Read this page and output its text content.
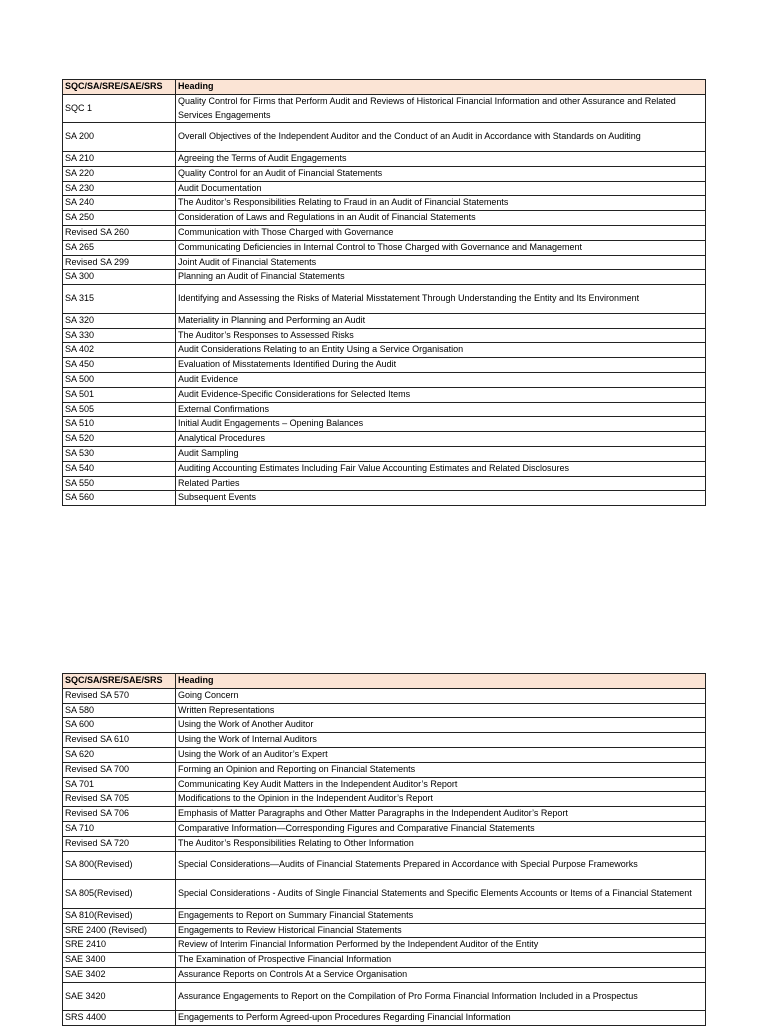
SQC/SA/SRE/SAE/SRS	Heading
SQC 1	Quality Control for Firms that Perform Audit and Reviews of Historical Financial Information and other Assurance and Related Services Engagements
SA 200	Overall Objectives of the Independent Auditor and the Conduct of an Audit in Accordance with Standards on Auditing
SA 210	Agreeing the Terms of Audit Engagements
SA 220	Quality Control for an Audit of Financial Statements
SA 230	Audit Documentation
SA 240	The Auditor’s Responsibilities Relating to Fraud in an Audit of Financial Statements
SA 250	Consideration of Laws and Regulations in an Audit of Financial Statements
Revised SA 260	Communication with Those Charged with Governance
SA 265	Communicating Deficiencies in Internal Control to Those Charged with Governance and Management
Revised SA 299	Joint Audit of Financial Statements
SA 300	Planning an Audit of Financial Statements
SA 315	Identifying and Assessing the Risks of Material Misstatement Through Understanding the Entity and Its Environment
SA 320	Materiality in Planning and Performing an Audit
SA 330	The Auditor’s Responses to Assessed Risks
SA 402	Audit Considerations Relating to an Entity Using a Service Organisation
SA 450	Evaluation of Misstatements Identified During the Audit
SA 500	Audit Evidence
SA 501	Audit Evidence-Specific Considerations for Selected Items
SA 505	External Confirmations
SA 510	Initial Audit Engagements – Opening Balances
SA 520	Analytical Procedures
SA 530	Audit Sampling
SA 540	Auditing Accounting Estimates Including Fair Value Accounting Estimates and Related Disclosures
SA 550	Related Parties
SA 560	Subsequent Events
SQC/SA/SRE/SAE/SRS	Heading
Revised SA 570	Going Concern
SA 580	Written Representations
SA 600	Using the Work of Another Auditor
Revised SA 610	Using the Work of Internal Auditors
SA 620	Using the Work of an Auditor’s Expert
Revised SA 700	Forming an Opinion and Reporting on Financial Statements
SA 701	Communicating Key Audit Matters in the Independent Auditor’s Report
Revised SA 705	Modifications to the Opinion in the Independent Auditor’s Report
Revised SA 706	Emphasis of Matter Paragraphs and Other Matter Paragraphs in the Independent Auditor’s Report
SA 710	Comparative Information—Corresponding Figures and Comparative Financial Statements
Revised SA 720	The Auditor’s Responsibilities Relating to Other Information
SA 800(Revised)	Special Considerations—Audits of Financial Statements Prepared in Accordance with Special Purpose Frameworks
SA 805(Revised)	Special Considerations - Audits of Single Financial Statements and Specific Elements Accounts or Items of a Financial Statement
SA 810(Revised)	Engagements to Report on Summary Financial Statements
SRE 2400 (Revised)	Engagements to Review Historical Financial Statements
SRE 2410	Review of Interim Financial Information Performed by the Independent Auditor of the Entity
SAE 3400	The Examination of Prospective Financial Information
SAE 3402	Assurance Reports on Controls At a Service Organisation
SAE 3420	Assurance Engagements to Report on the Compilation of Pro Forma Financial Information Included in a Prospectus
SRS 4400	Engagements to Perform Agreed-upon Procedures Regarding Financial Information
